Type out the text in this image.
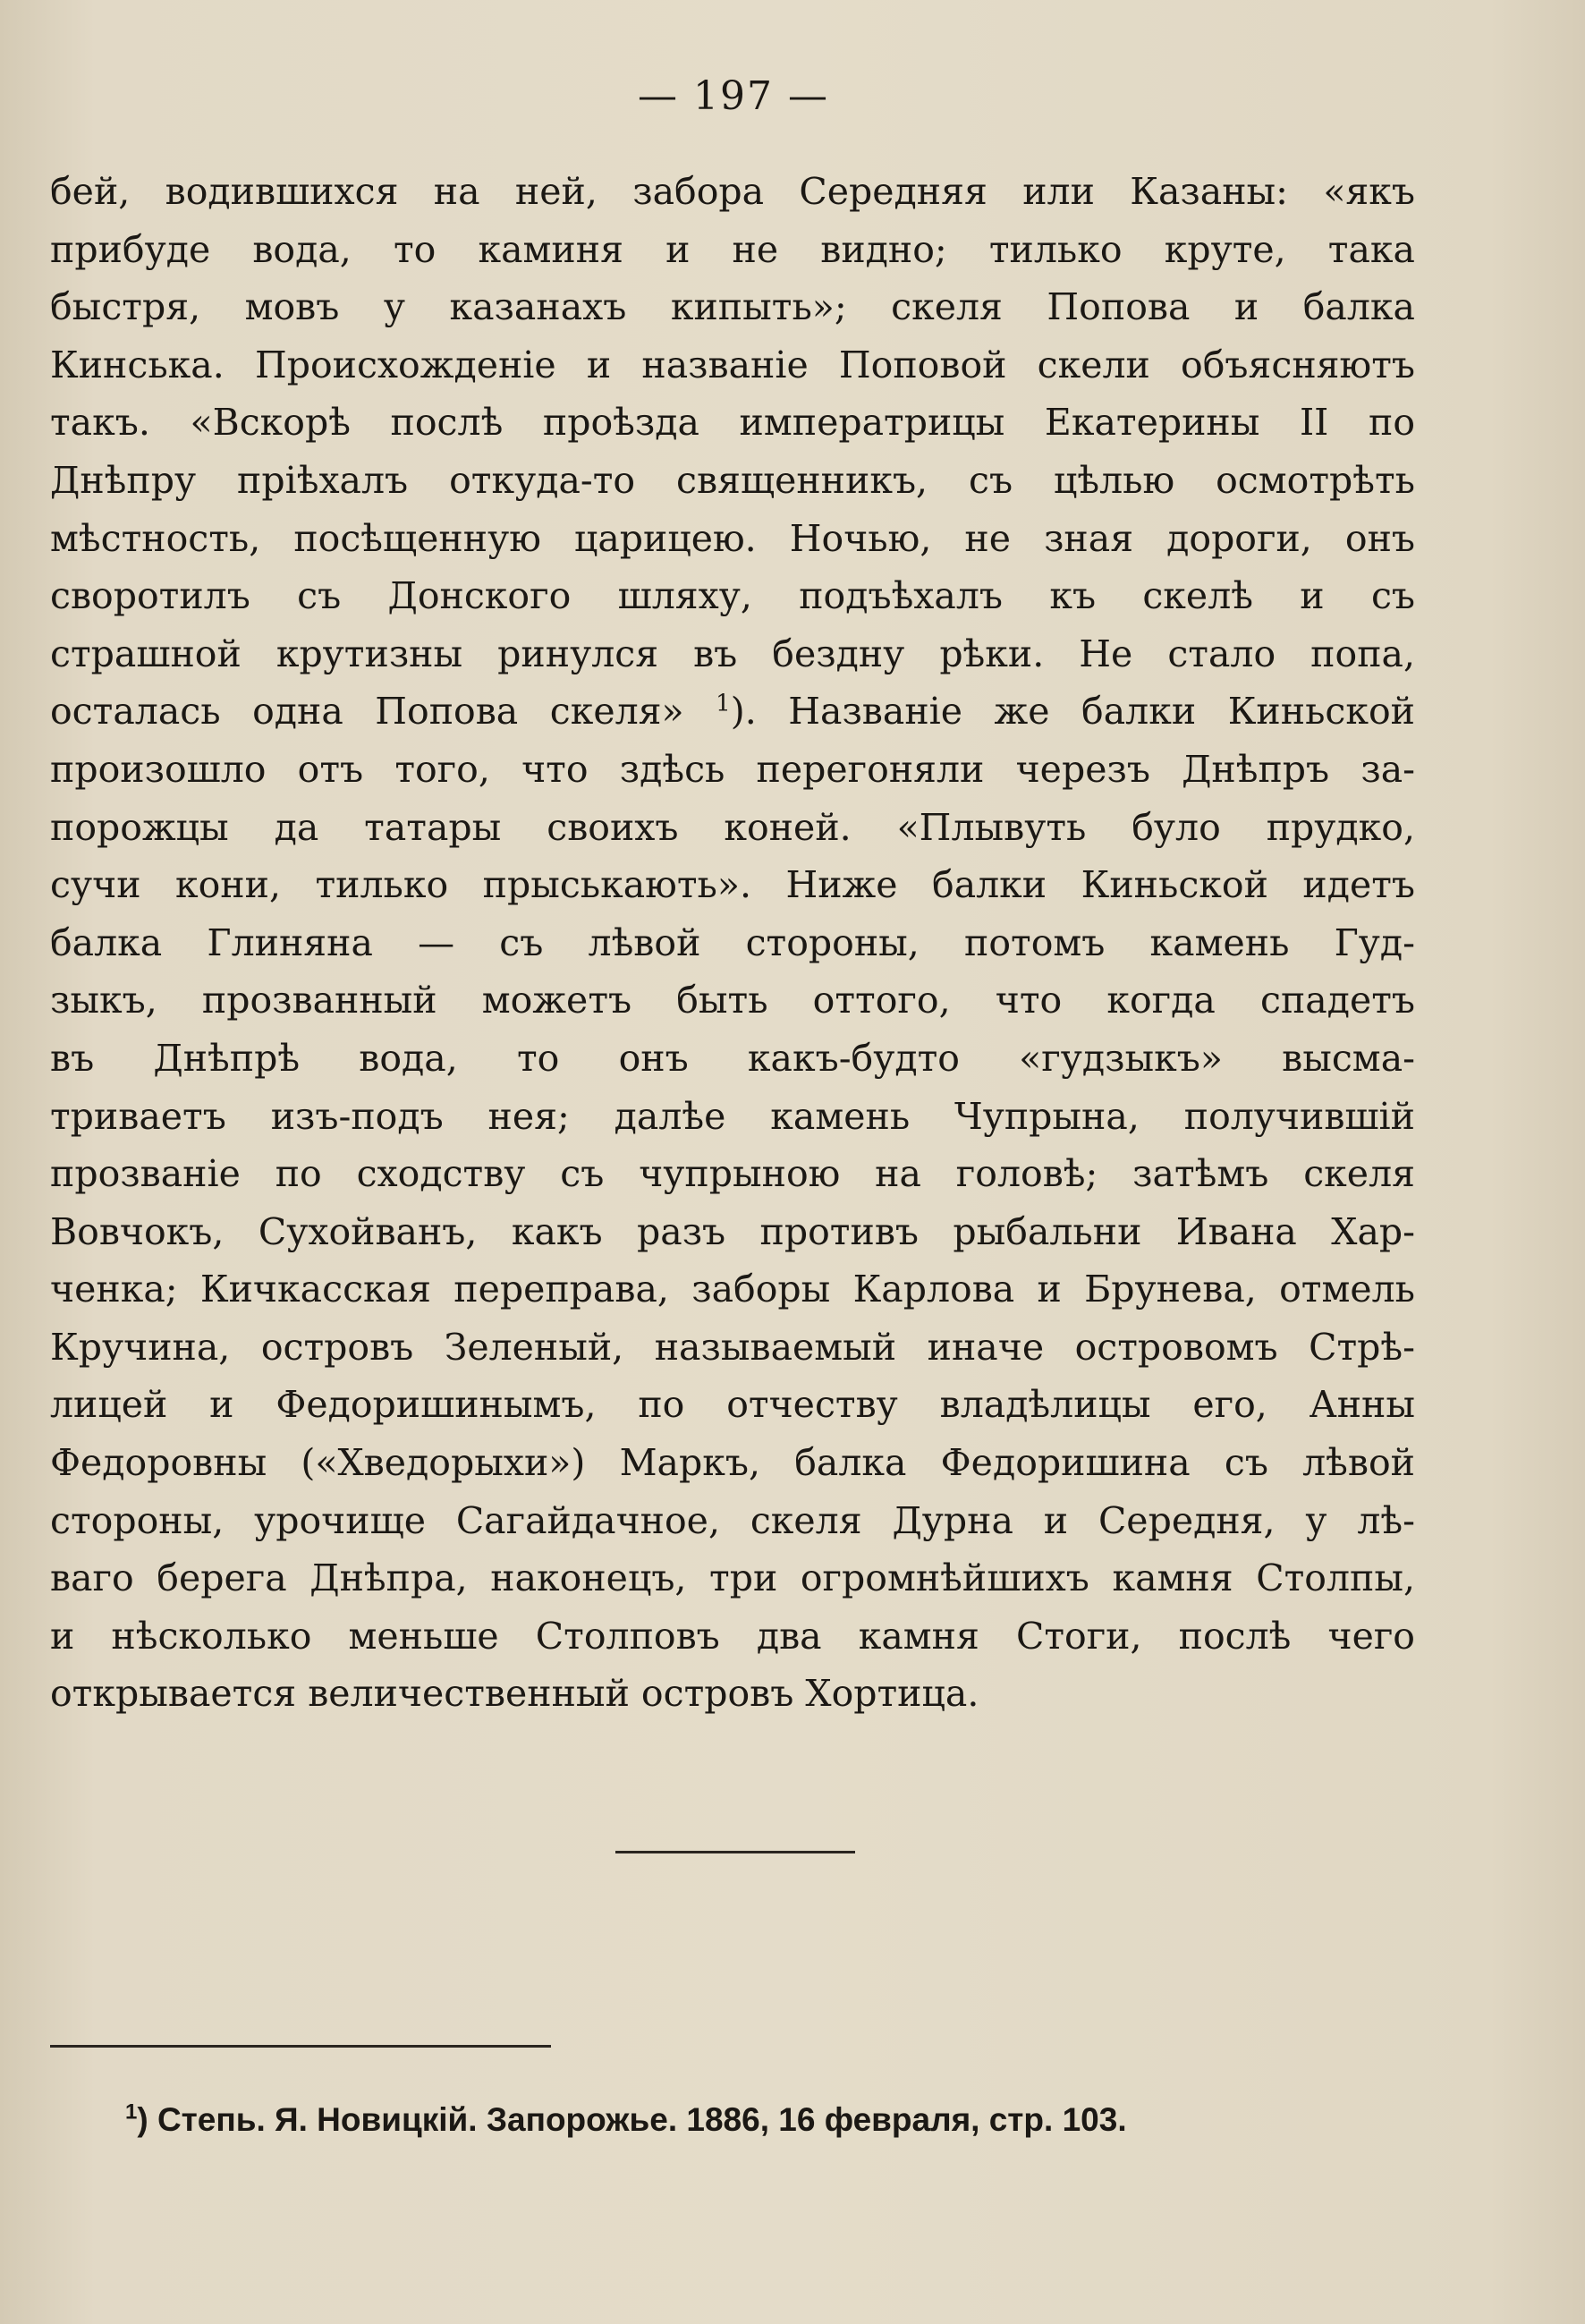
— 197 —
бей, водившихся на ней, забора Середняя или Казаны: «якъ
прибуде вода, то каминя и не видно; тилько круте, така
быстря, мовъ у казанахъ кипыть»; скеля Попова и балка
Кинська. Происхожденіе и названіе Поповой скели объясняютъ
такъ. «Вскорѣ послѣ проѣзда императрицы Екатерины II по
Днѣпру пріѣхалъ откуда-то священникъ, съ цѣлью осмотрѣть
мѣстность, посѣщенную царицею. Ночью, не зная дороги, онъ
своротилъ съ Донского шляху, подъѣхалъ къ скелѣ и съ
страшной крутизны ринулся въ бездну рѣки. Не стало попа,
осталась одна Попова скеля» $^1$). Названіе же балки Киньской
произошло отъ того, что здѣсь перегоняли черезъ Днѣпръ за-
порожцы да татары своихъ коней. «Плывуть було прудко,
сучи кони, тилько прыськають». Ниже балки Киньской идетъ
балка Глиняна — съ лѣвой стороны, потомъ камень Гуд-
зыкъ, прозванный можетъ быть оттого, что когда спадетъ
въ Днѣпрѣ вода, то онъ какъ-будто «гудзыкъ» высма-
триваетъ изъ-подъ нея; далѣе камень Чупрына, получившій
прозваніе по сходству съ чупрыною на головѣ; затѣмъ скеля
Вовчокъ, Сухойванъ, какъ разъ противъ рыбальни Ивана Хар-
ченка; Кичкасская переправа, заборы Карлова и Брунева, отмель
Кручина, островъ Зеленый, называемый иначе островомъ Стрѣ-
лицей и Федоришинымъ, по отчеству владѣлицы его, Анны
Федоровны («Хведорыхи») Маркъ, балка Федоришина съ лѣвой
стороны, урочище Сагайдачное, скеля Дурна и Середня, у лѣ-
ваго берега Днѣпра, наконецъ, три огромнѣйшихъ камня Столпы,
и нѣсколько меньше Столповъ два камня Стоги, послѣ чего
открывается величественный островъ Хортица.
$^1$) Степь. Я. Новицкій. Запорожье. 1886, 16 февраля, стр. 103.
